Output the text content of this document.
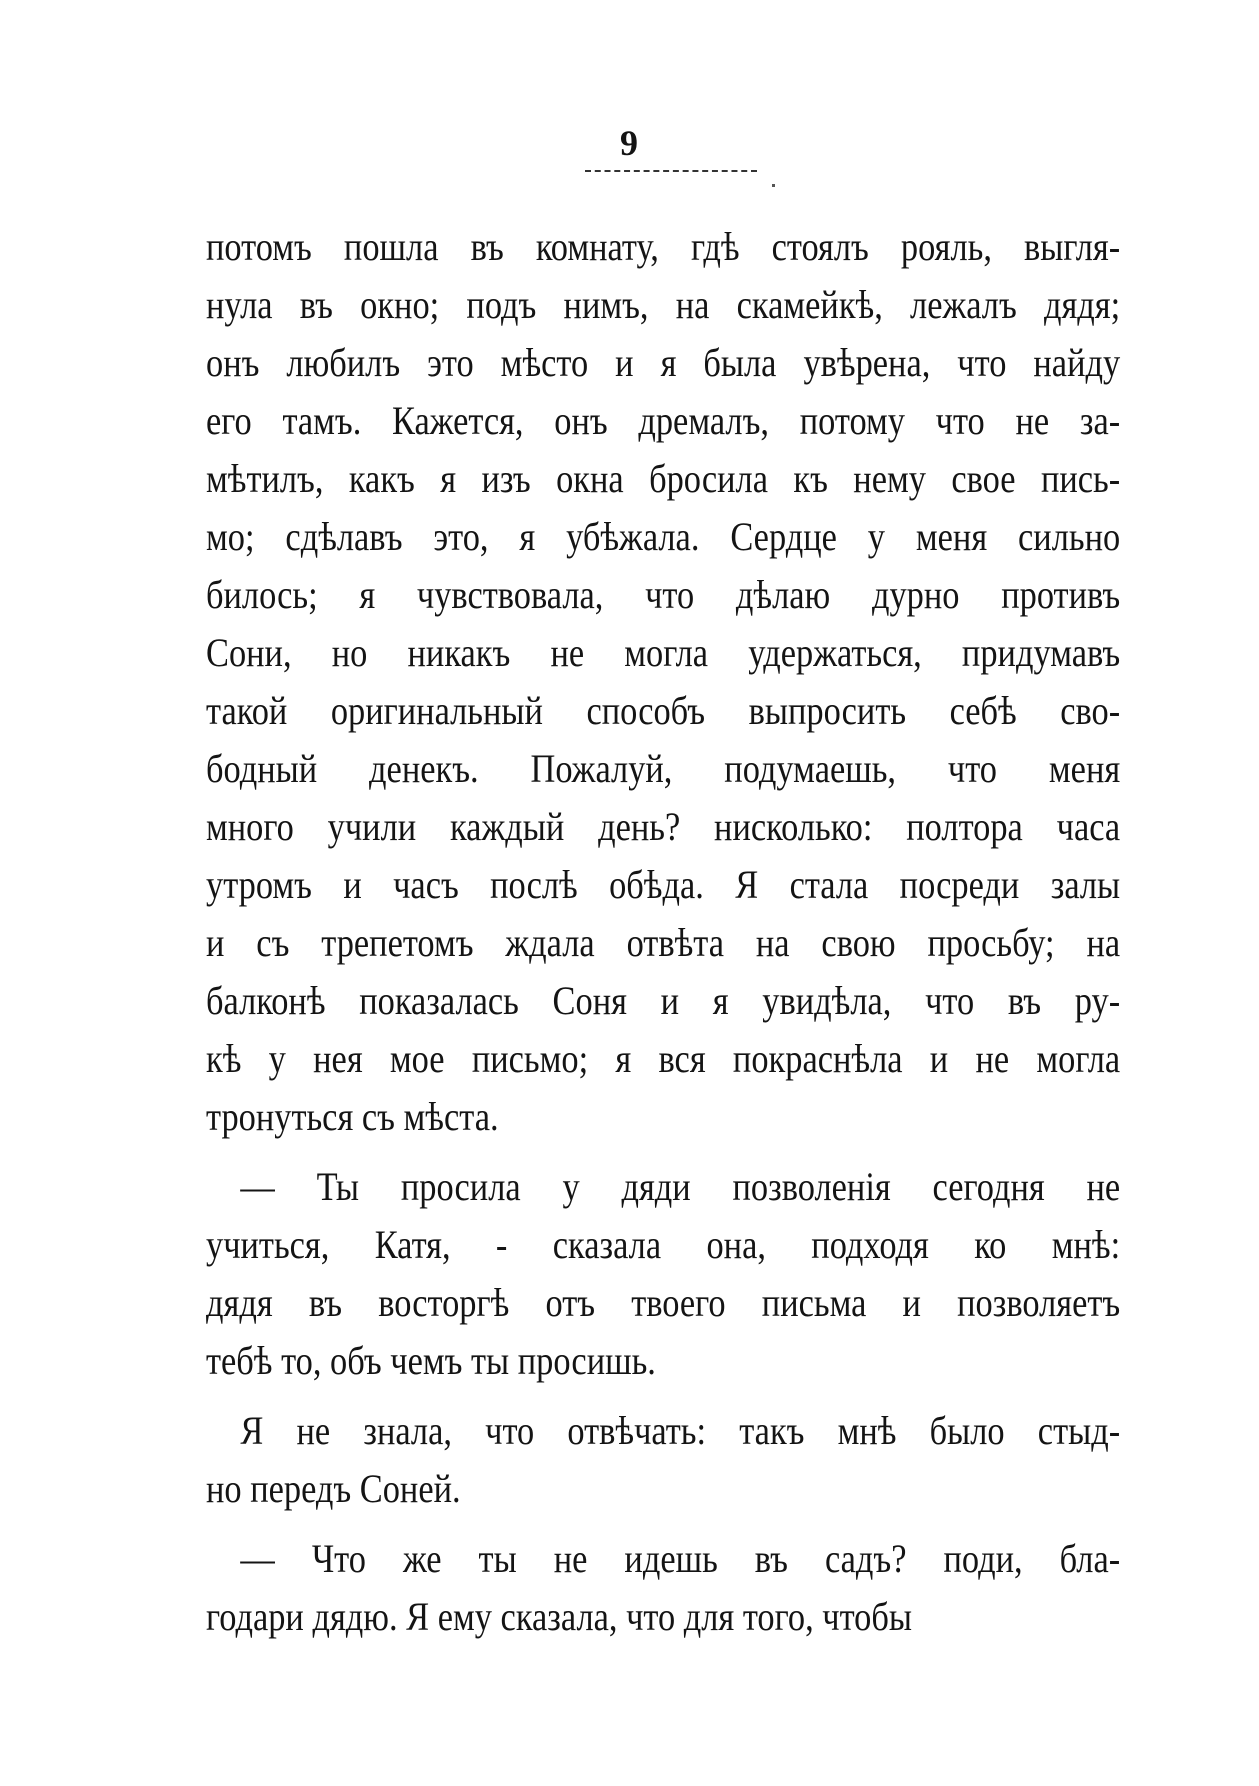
9
потомъ пошла въ комнату, гдѣ стоялъ рояль, выгля-
нула въ окно; подъ нимъ, на скамейкѣ, лежалъ дядя;
онъ любилъ это мѣсто и я была увѣрена, что найду
его тамъ. Кажется, онъ дремалъ, потому что не за-
мѣтилъ, какъ я изъ окна бросила къ нему свое пись-
мо; сдѣлавъ это, я убѣжала. Сердце у меня сильно
билось; я чувствовала, что дѣлаю дурно противъ
Сони, но никакъ не могла удержаться, придумавъ
такой оригинальный способъ выпросить себѣ сво-
бодный денекъ. Пожалуй, подумаешь, что меня
много учили каждый день? нисколько: полтора часа
утромъ и часъ послѣ обѣда. Я стала посреди залы
и съ трепетомъ ждала отвѣта на свою просьбу; на
балконѣ показалась Соня и я увидѣла, что въ ру-
кѣ у нея мое письмо; я вся покраснѣла и не могла
тронуться съ мѣста.
— Ты просила у дяди позволенія сегодня не
учиться, Катя, - сказала она, подходя ко мнѣ:
дядя въ восторгѣ отъ твоего письма и позволяетъ
тебѣ то, объ чемъ ты просишь.
Я не знала, что отвѣчать: такъ мнѣ было стыд-
но передъ Соней.
— Что же ты не идешь въ садъ? поди, бла-
годари дядю. Я ему сказала, что для того, чтобы
